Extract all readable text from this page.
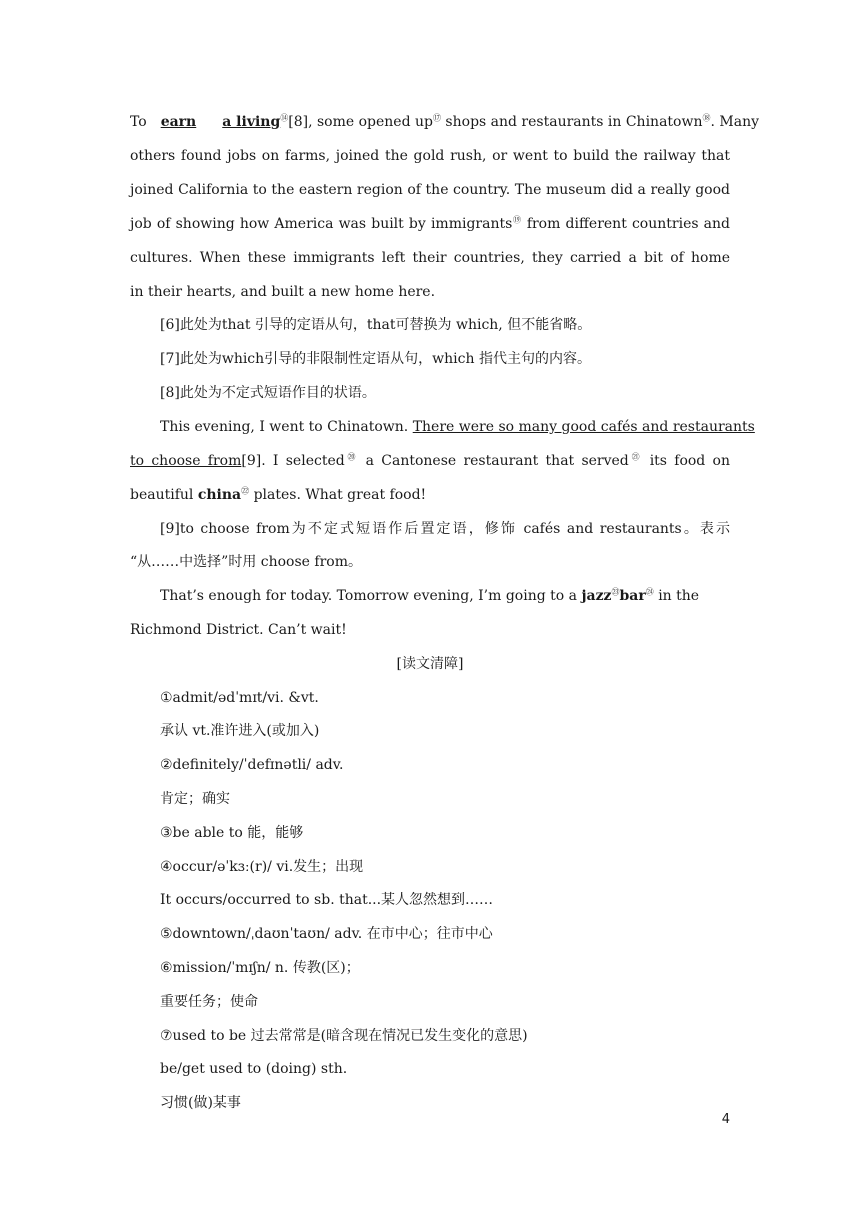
To earn a living⑭[8], some opened up⑰ shops and restaurants in Chinatown⑱. Many
others found jobs on farms, joined the gold rush, or went to build the railway that
joined California to the eastern region of the country. The museum did a really good
job of showing how America was built by immigrants⑲ from different countries and
cultures. When these immigrants left their countries, they carried a bit of home
in their hearts, and built a new home here.
[6]此处为that 引导的定语从句，that可替换为 which, 但不能省略。
[7]此处为which引导的非限制性定语从句，which 指代主句的内容。
[8]此处为不定式短语作目的状语。
This evening, I went to Chinatown. There were so many good cafés and restaurants
to choose from[9]. I selected⑳ a Cantonese restaurant that served$^㉑$ its food on
beautiful china$^㉒$ plates. What great food!
[9]to choose from为不定式短语作后置定语，修饰 cafés and restaurants。表示
“从……中选择”时用 choose from。
That’s enough for today. Tomorrow evening, I’m going to a jazz$^㉓$bar$^㉔$ in the
Richmond District. Can’t wait!
[读文清障]
①admit/ədˈmɪt/vi. &vt.
承认 vt.准许进入(或加入)
②definitely/ˈdefɪnətli/ adv.
肯定；确实
③be able to 能，能够
④occur/əˈkɜː(r)/ vi.发生；出现
It occurs/occurred to sb. that...某人忽然想到……
⑤downtown/ˌdaʊnˈtaʊn/ adv. 在市中心；往市中心
⑥mission/ˈmɪʃn/ n. 传教(区)；
重要任务；使命
⑦used to be 过去常常是(暗含现在情况已发生变化的意思)
be/get used to (doing) sth.
习惯(做)某事
4
